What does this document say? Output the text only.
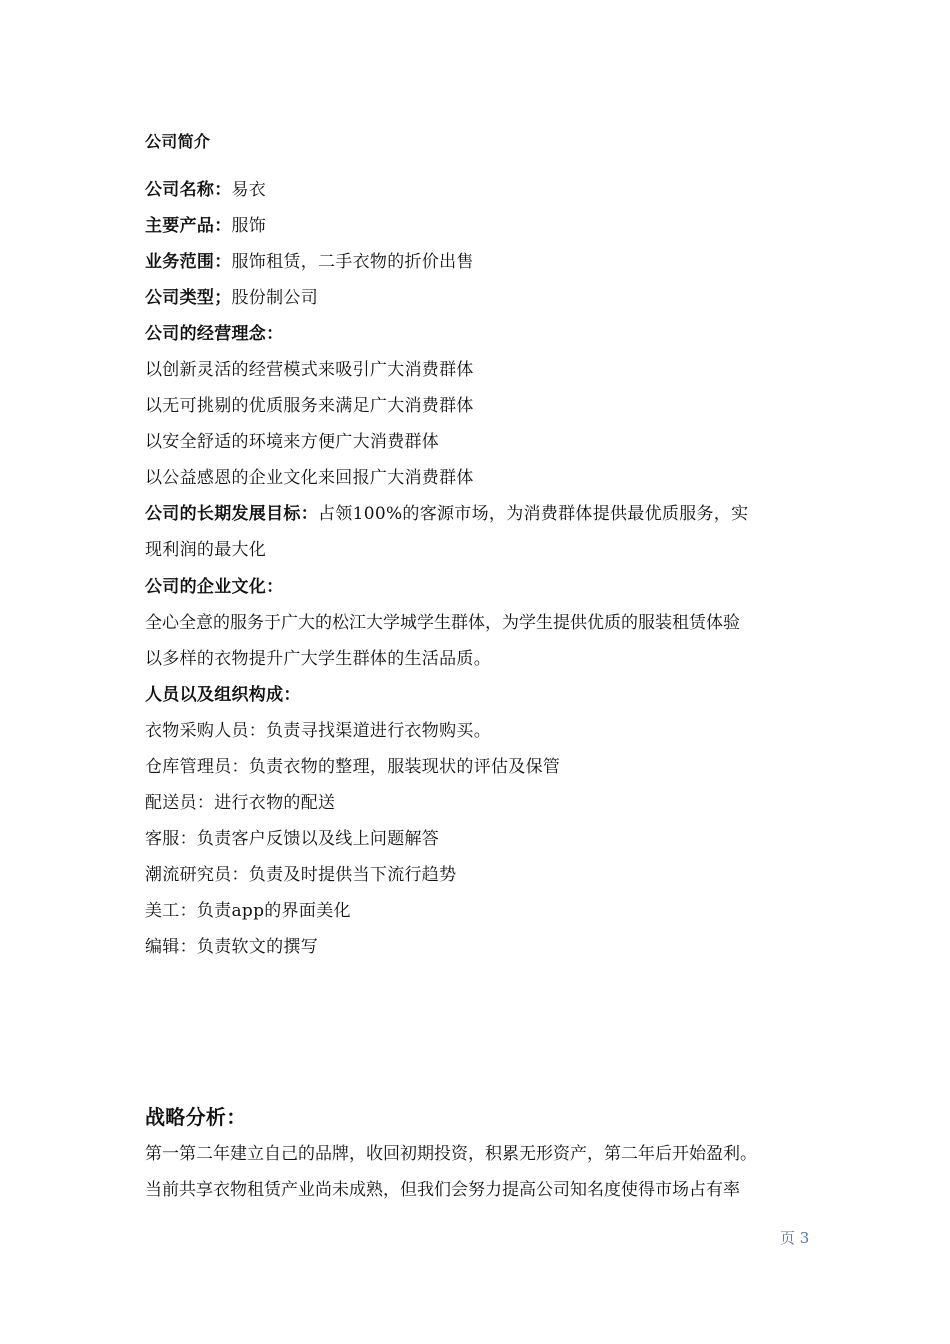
公司简介
公司名称：易衣
主要产品：服饰
业务范围：服饰租赁，二手衣物的折价出售
公司类型；股份制公司
公司的经营理念：
以创新灵活的经营模式来吸引广大消费群体
以无可挑剔的优质服务来满足广大消费群体
以安全舒适的环境来方便广大消费群体
以公益感恩的企业文化来回报广大消费群体
公司的长期发展目标：占领100%的客源市场，为消费群体提供最优质服务，实
现利润的最大化
公司的企业文化：
全心全意的服务于广大的松江大学城学生群体，为学生提供优质的服装租赁体验
以多样的衣物提升广大学生群体的生活品质。
人员以及组织构成：
衣物采购人员：负责寻找渠道进行衣物购买。
仓库管理员：负责衣物的整理，服装现状的评估及保管
配送员：进行衣物的配送
客服：负责客户反馈以及线上问题解答
潮流研究员：负责及时提供当下流行趋势
美工：负责app的界面美化
编辑：负责软文的撰写
战略分析：
第一第二年建立自己的品牌，收回初期投资，积累无形资产，第二年后开始盈利。
当前共享衣物租赁产业尚未成熟，但我们会努力提高公司知名度使得市场占有率
页 3
